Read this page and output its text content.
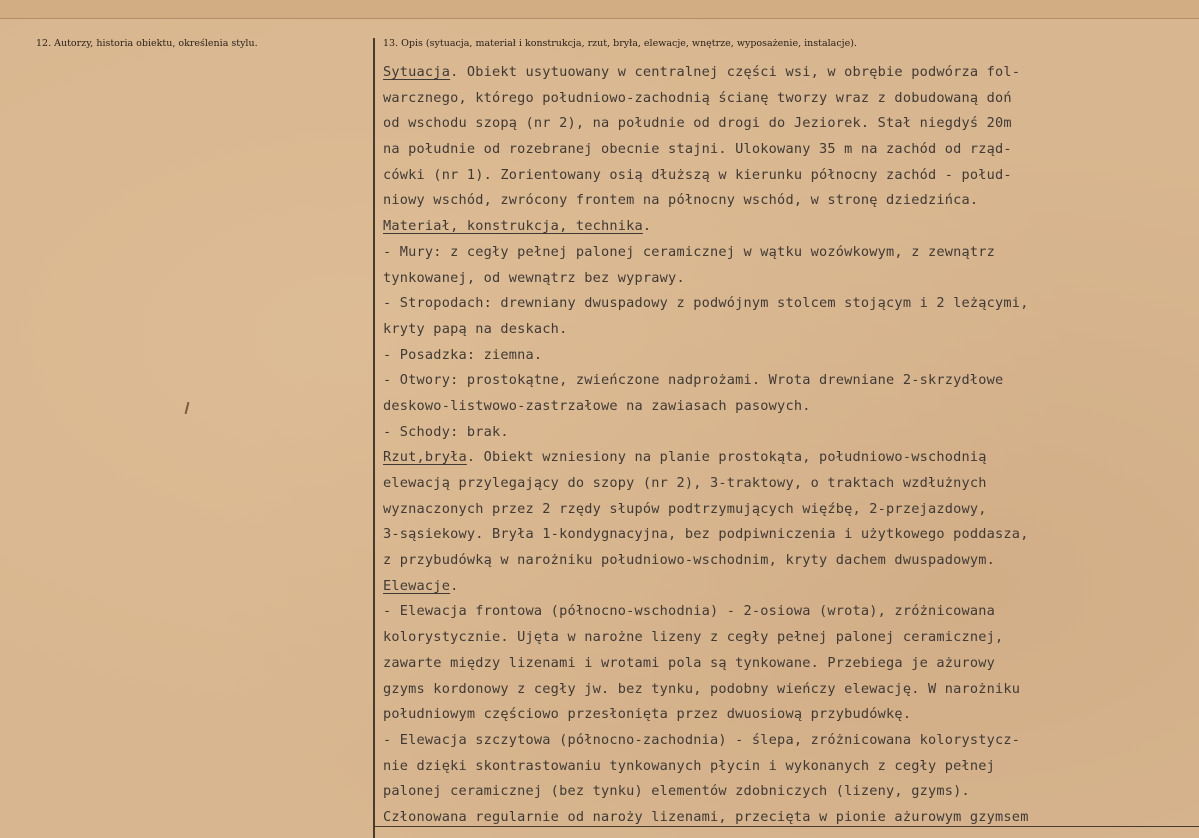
12. Autorzy, historia obiektu, określenia stylu.	13. Opis (sytuacja, materiał i konstrukcja, rzut, bryła, elewacje, wnętrze, wyposażenie, instalacje).
Sytuacja. Obiekt usytuowany w centralnej części wsi, w obrębie podwórza fol-
warcznego, którego południowo-zachodnią ścianę tworzy wraz z dobudowaną doń
od wschodu szopą (nr 2), na południe od drogi do Jeziorek. Stał niegdyś 20m
na południe od rozebranej obecnie stajni. Ulokowany 35 m na zachód od rząd-
cówki (nr 1). Zorientowany osią dłuższą w kierunku północny zachód - połud-
niowy wschód, zwrócony frontem na północny wschód, w stronę dziedzińca.
Materiał, konstrukcja, technika.
- Mury: z cegły pełnej palonej ceramicznej w wątku wozówkowym, z zewnątrz
tynkowanej, od wewnątrz bez wyprawy.
- Stropodach: drewniany dwuspadowy z podwójnym stolcem stojącym i 2 leżącymi,
kryty papą na deskach.
- Posadzka: ziemna.
- Otwory: prostokątne, zwieńczone nadprożami. Wrota drewniane 2-skrzydłowe
deskowo-listwowo-zastrzałowe na zawiasach pasowych.
- Schody: brak.
Rzut,bryła. Obiekt wzniesiony na planie prostokąta, południowo-wschodnią
elewacją przylegający do szopy (nr 2), 3-traktowy, o traktach wzdłużnych
wyznaczonych przez 2 rzędy słupów podtrzymujących więźbę, 2-przejazdowy,
3-sąsiekowy. Bryła 1-kondygnacyjna, bez podpiwniczenia i użytkowego poddasza,
z przybudówką w narożniku południowo-wschodnim, kryty dachem dwuspadowym.
Elewacje.
- Elewacja frontowa (północno-wschodnia) - 2-osiowa (wrota), zróżnicowana
kolorystycznie. Ujęta w narożne lizeny z cegły pełnej palonej ceramicznej,
zawarte między lizenami i wrotami pola są tynkowane. Przebiega je ażurowy
gzyms kordonowy z cegły jw. bez tynku, podobny wieńczy elewację. W narożniku
południowym częściowo przesłonięta przez dwuosiową przybudówkę.
- Elewacja szczytowa (północno-zachodnia) - ślepa, zróżnicowana kolorystycz-
nie dzięki skontrastowaniu tynkowanych płycin i wykonanych z cegły pełnej
palonej ceramicznej (bez tynku) elementów zdobniczych (lizeny, gzyms).
Członowana regularnie od naroży lizenami, przecięta w pionie ażurowym gzymsem
